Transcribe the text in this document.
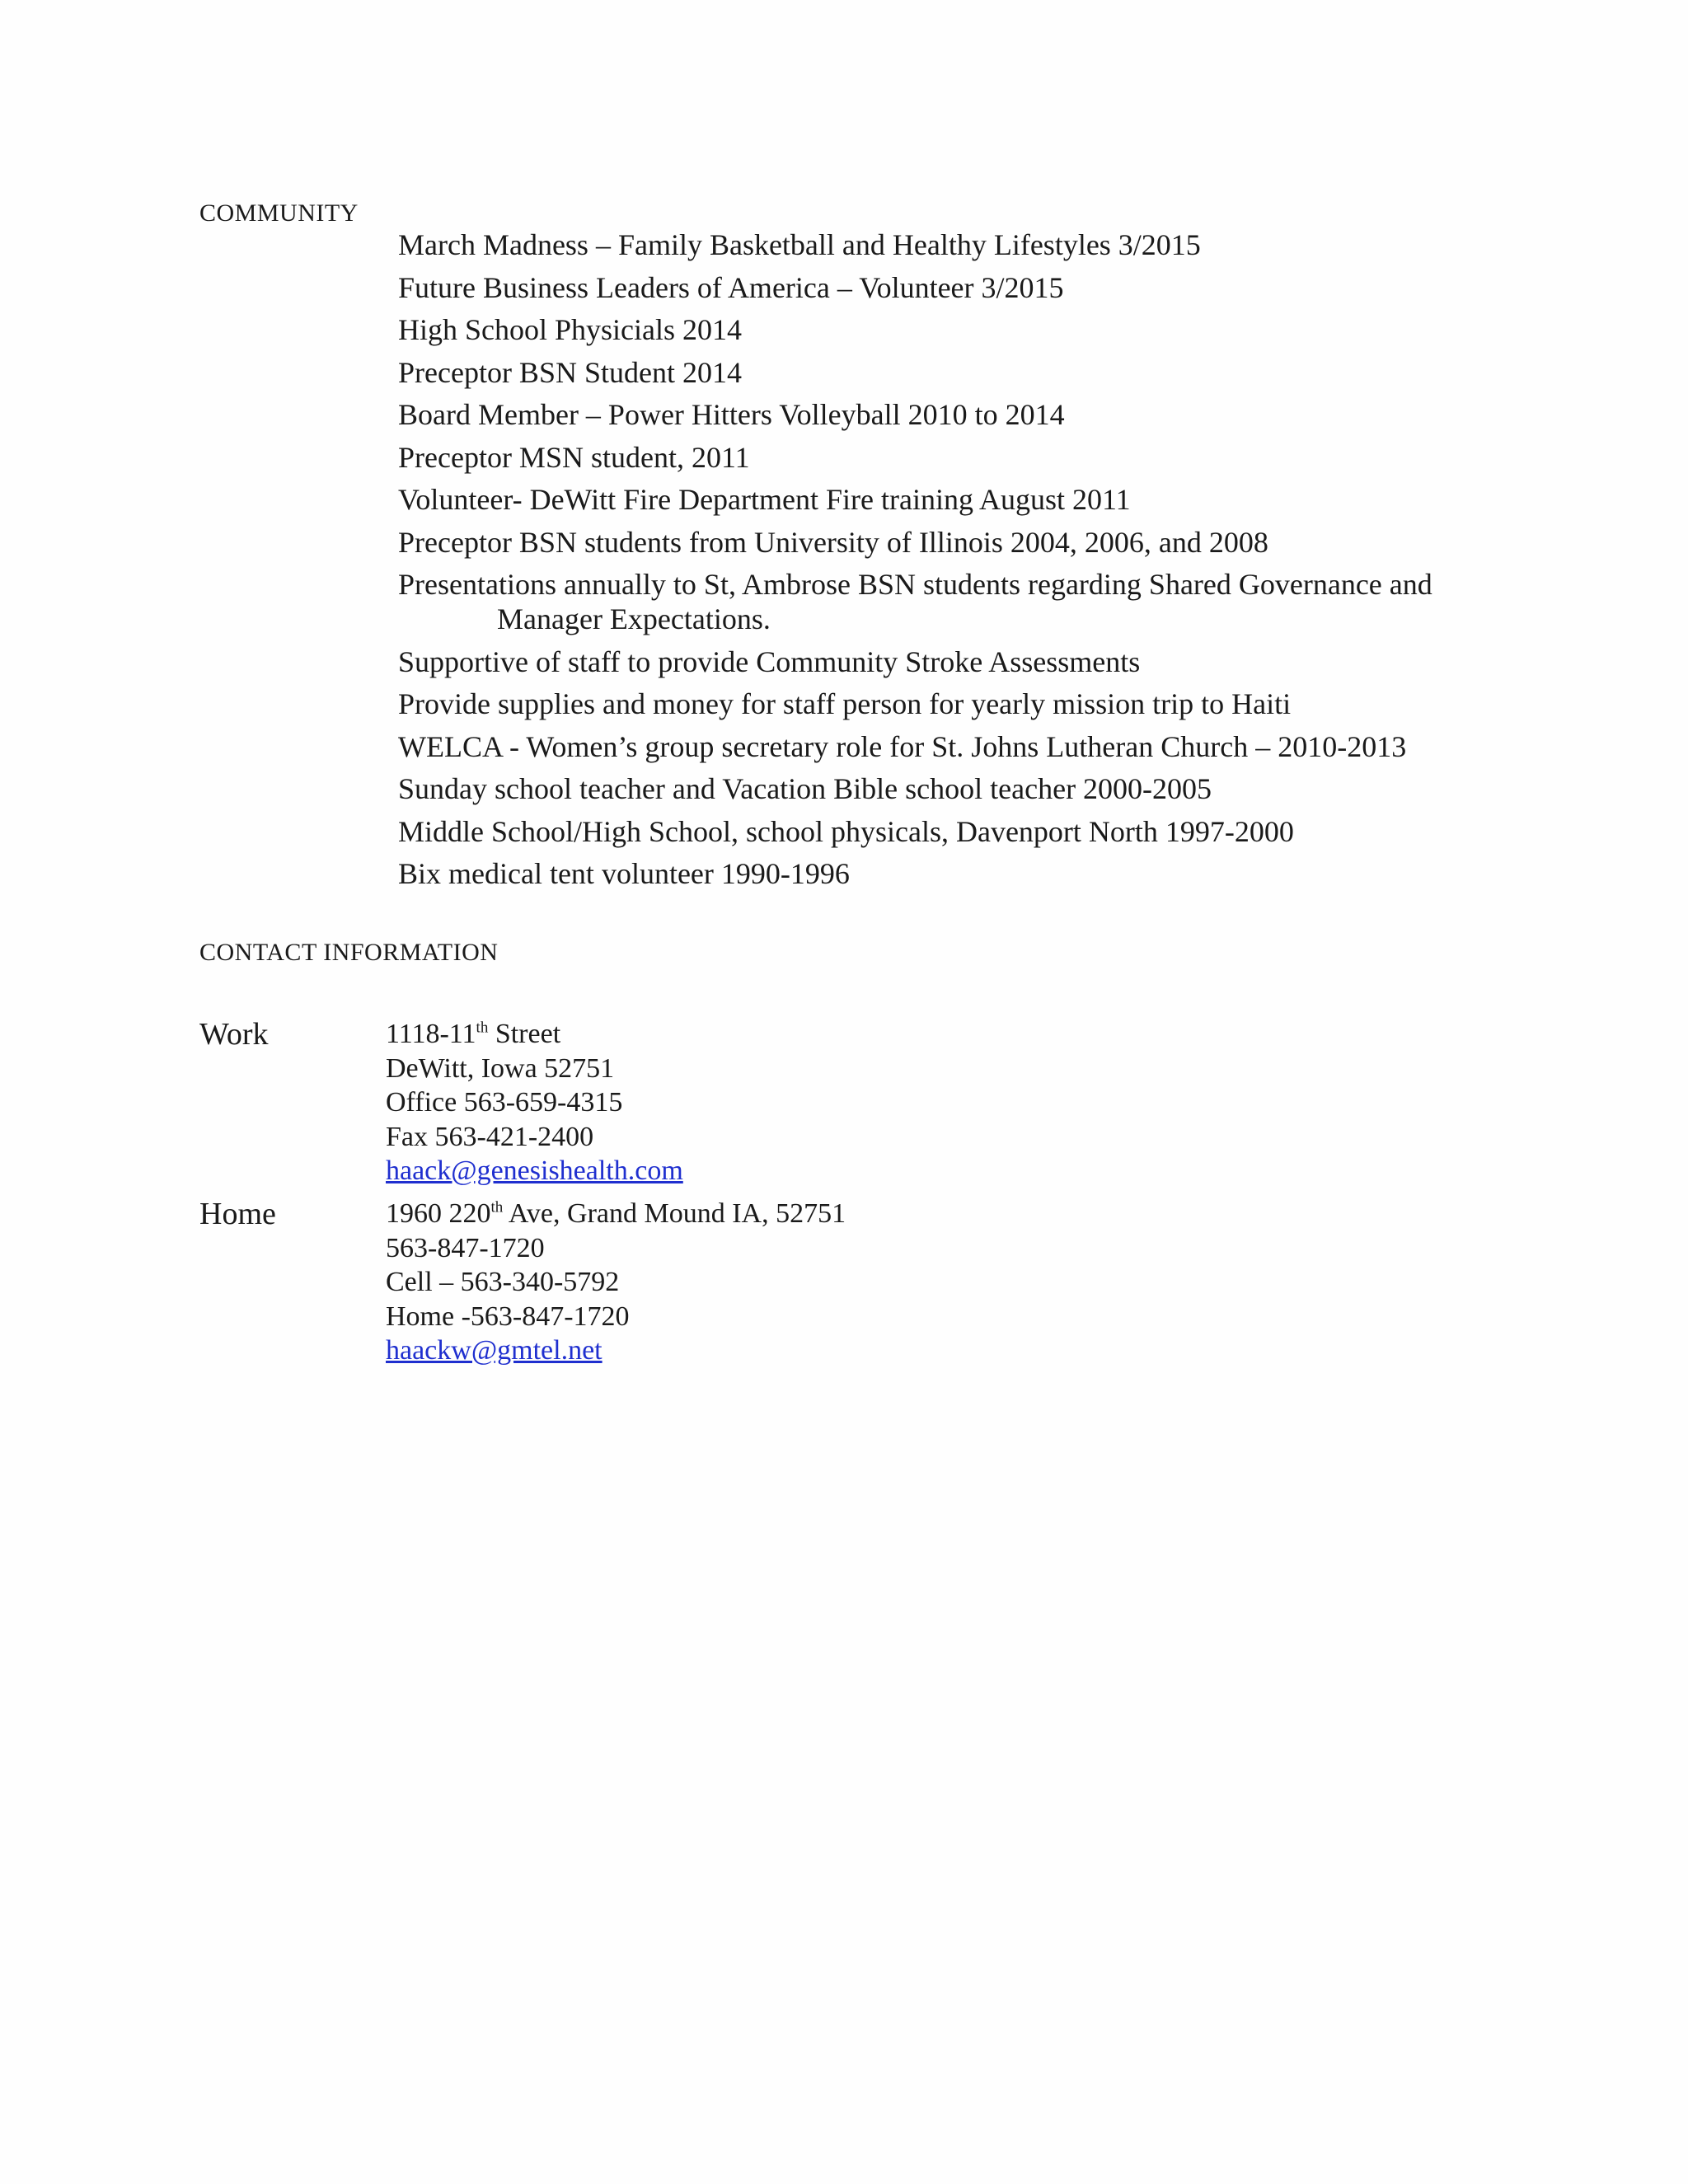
COMMUNITY
March Madness – Family Basketball and Healthy Lifestyles 3/2015
Future Business Leaders of America – Volunteer 3/2015
High School Physicials 2014
Preceptor BSN Student 2014
Board Member – Power Hitters Volleyball 2010 to 2014
Preceptor MSN student, 2011
Volunteer- DeWitt Fire Department Fire training August 2011
Preceptor BSN students from University of Illinois 2004, 2006, and 2008
Presentations annually to St, Ambrose BSN students regarding Shared Governance and
Manager Expectations.
Supportive of staff to provide Community Stroke Assessments
Provide supplies and money for staff person for yearly mission trip to Haiti
WELCA - Women’s group secretary role for St. Johns Lutheran Church – 2010-2013
Sunday school teacher and Vacation Bible school teacher 2000-2005
Middle School/High School, school physicals, Davenport North 1997-2000
Bix medical tent volunteer 1990-1996
CONTACT INFORMATION
Work	1118-11th Street
DeWitt, Iowa 52751
Office 563-659-4315
Fax 563-421-2400
haack@genesishealth.com
Home	1960 220th Ave, Grand Mound IA, 52751
563-847-1720
Cell – 563-340-5792
Home -563-847-1720
haackw@gmtel.net
